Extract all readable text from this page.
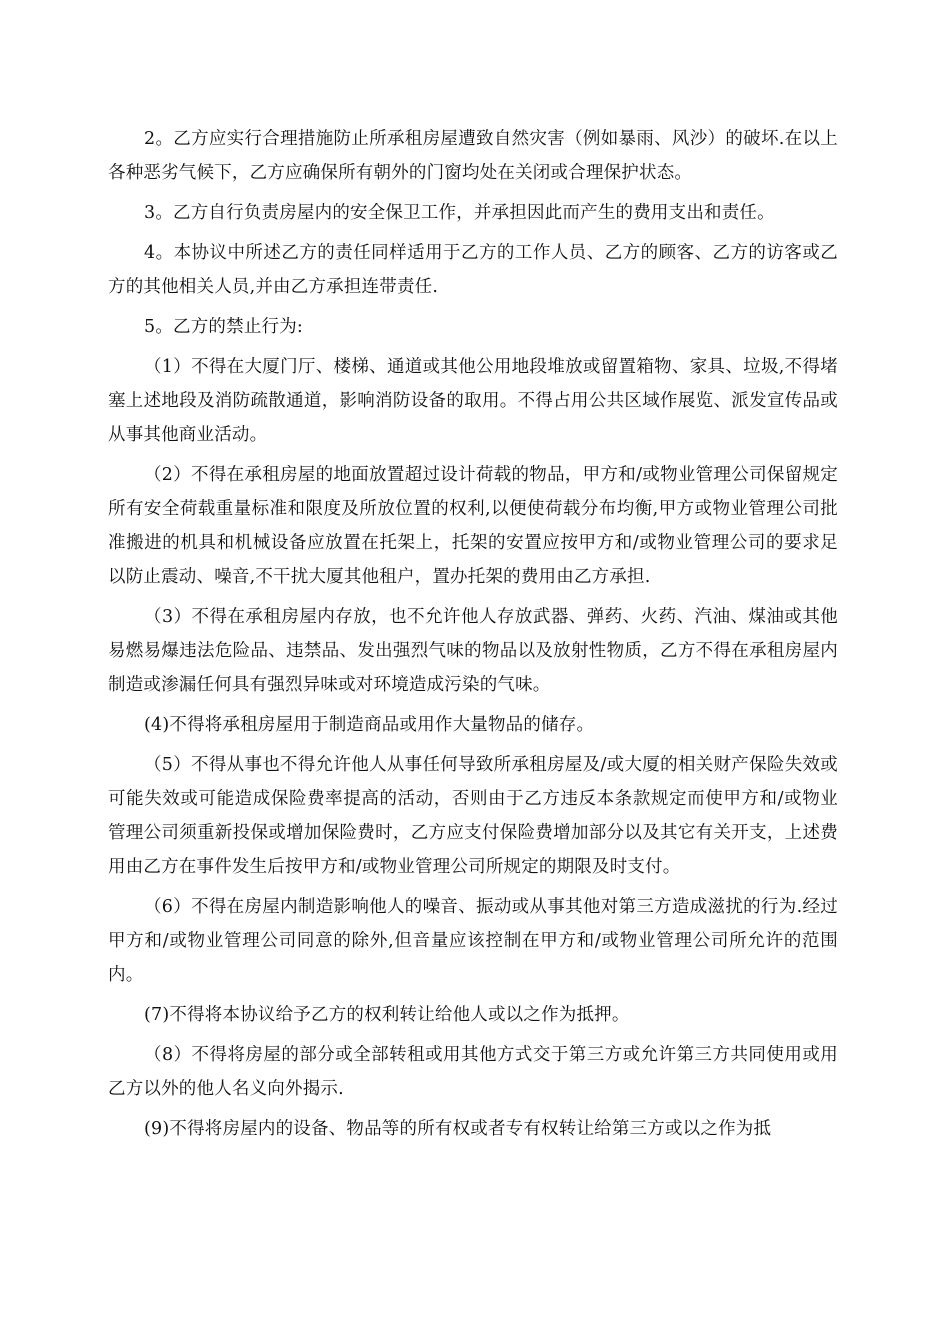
2。乙方应实行合理措施防止所承租房屋遭致自然灾害（例如暴雨、风沙）的破坏.在以上各种恶劣气候下，乙方应确保所有朝外的门窗均处在关闭或合理保护状态。

3。乙方自行负责房屋内的安全保卫工作，并承担因此而产生的费用支出和责任。

4。本协议中所述乙方的责任同样适用于乙方的工作人员、乙方的顾客、乙方的访客或乙方的其他相关人员,并由乙方承担连带责任.

5。乙方的禁止行为:

（1）不得在大厦门厅、楼梯、通道或其他公用地段堆放或留置箱物、家具、垃圾,不得堵塞上述地段及消防疏散通道，影响消防设备的取用。不得占用公共区域作展览、派发宣传品或从事其他商业活动。

（2）不得在承租房屋的地面放置超过设计荷载的物品，甲方和/或物业管理公司保留规定所有安全荷载重量标准和限度及所放位置的权利,以便使荷载分布均衡,甲方或物业管理公司批准搬进的机具和机械设备应放置在托架上，托架的安置应按甲方和/或物业管理公司的要求足以防止震动、噪音,不干扰大厦其他租户，置办托架的费用由乙方承担.

（3）不得在承租房屋内存放，也不允许他人存放武器、弹药、火药、汽油、煤油或其他易燃易爆违法危险品、违禁品、发出强烈气味的物品以及放射性物质，乙方不得在承租房屋内制造或渗漏任何具有强烈异味或对环境造成污染的气味。

(4)不得将承租房屋用于制造商品或用作大量物品的储存。

（5）不得从事也不得允许他人从事任何导致所承租房屋及/或大厦的相关财产保险失效或可能失效或可能造成保险费率提高的活动，否则由于乙方违反本条款规定而使甲方和/或物业管理公司须重新投保或增加保险费时，乙方应支付保险费增加部分以及其它有关开支，上述费用由乙方在事件发生后按甲方和/或物业管理公司所规定的期限及时支付。

（6）不得在房屋内制造影响他人的噪音、振动或从事其他对第三方造成滋扰的行为.经过甲方和/或物业管理公司同意的除外,但音量应该控制在甲方和/或物业管理公司所允许的范围内。

(7)不得将本协议给予乙方的权利转让给他人或以之作为抵押。

（8）不得将房屋的部分或全部转租或用其他方式交于第三方或允许第三方共同使用或用乙方以外的他人名义向外揭示.

(9)不得将房屋内的设备、物品等的所有权或者专有权转让给第三方或以之作为抵
